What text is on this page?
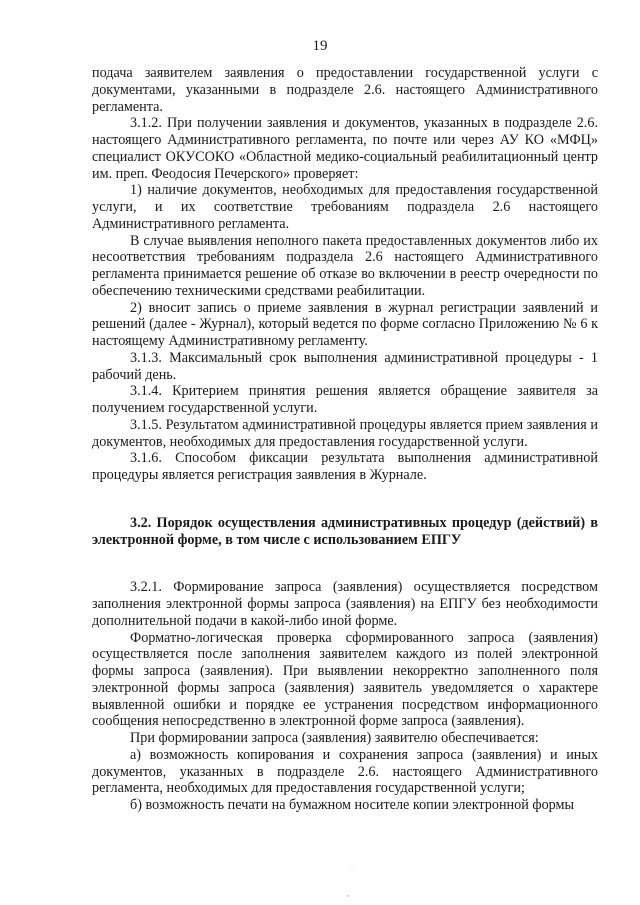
19

подача заявителем заявления о предоставлении государственной услуги с документами, указанными в подразделе 2.6. настоящего Административного регламента.

3.1.2. При получении заявления и документов, указанных в подразделе 2.6. настоящего Административного регламента, по почте или через АУ КО «МФЦ» специалист ОКУСОКО «Областной медико-социальный реабилитационный центр им. преп. Феодосия Печерского» проверяет:

1) наличие документов, необходимых для предоставления государственной услуги, и их соответствие требованиям подраздела 2.6 настоящего Административного регламента.

В случае выявления неполного пакета предоставленных документов либо их несоответствия требованиям подраздела 2.6 настоящего Административного регламента принимается решение об отказе во включении в реестр очередности по обеспечению техническими средствами реабилитации.

2) вносит запись о приеме заявления в журнал регистрации заявлений и решений (далее - Журнал), который ведется по форме согласно Приложению № 6 к настоящему Административному регламенту.

3.1.3. Максимальный срок выполнения административной процедуры - 1 рабочий день.

3.1.4. Критерием принятия решения является обращение заявителя за получением государственной услуги.

3.1.5. Результатом административной процедуры является прием заявления и документов, необходимых для предоставления государственной услуги.

3.1.6. Способом фиксации результата выполнения административной процедуры является регистрация заявления в Журнале.

3.2. Порядок осуществления административных процедур (действий) в электронной форме, в том числе с использованием ЕПГУ

3.2.1. Формирование запроса (заявления) осуществляется посредством заполнения электронной формы запроса (заявления) на ЕПГУ без необходимости дополнительной подачи в какой-либо иной форме.

Форматно-логическая проверка сформированного запроса (заявления) осуществляется после заполнения заявителем каждого из полей электронной формы запроса (заявления). При выявлении некорректно заполненного поля электронной формы запроса (заявления) заявитель уведомляется о характере выявленной ошибки и порядке ее устранения посредством информационного сообщения непосредственно в электронной форме запроса (заявления).

При формировании запроса (заявления) заявителю обеспечивается:

а) возможность копирования и сохранения запроса (заявления) и иных документов, указанных в подразделе 2.6. настоящего Административного регламента, необходимых для предоставления государственной услуги;

б) возможность печати на бумажном носителе копии электронной формы
